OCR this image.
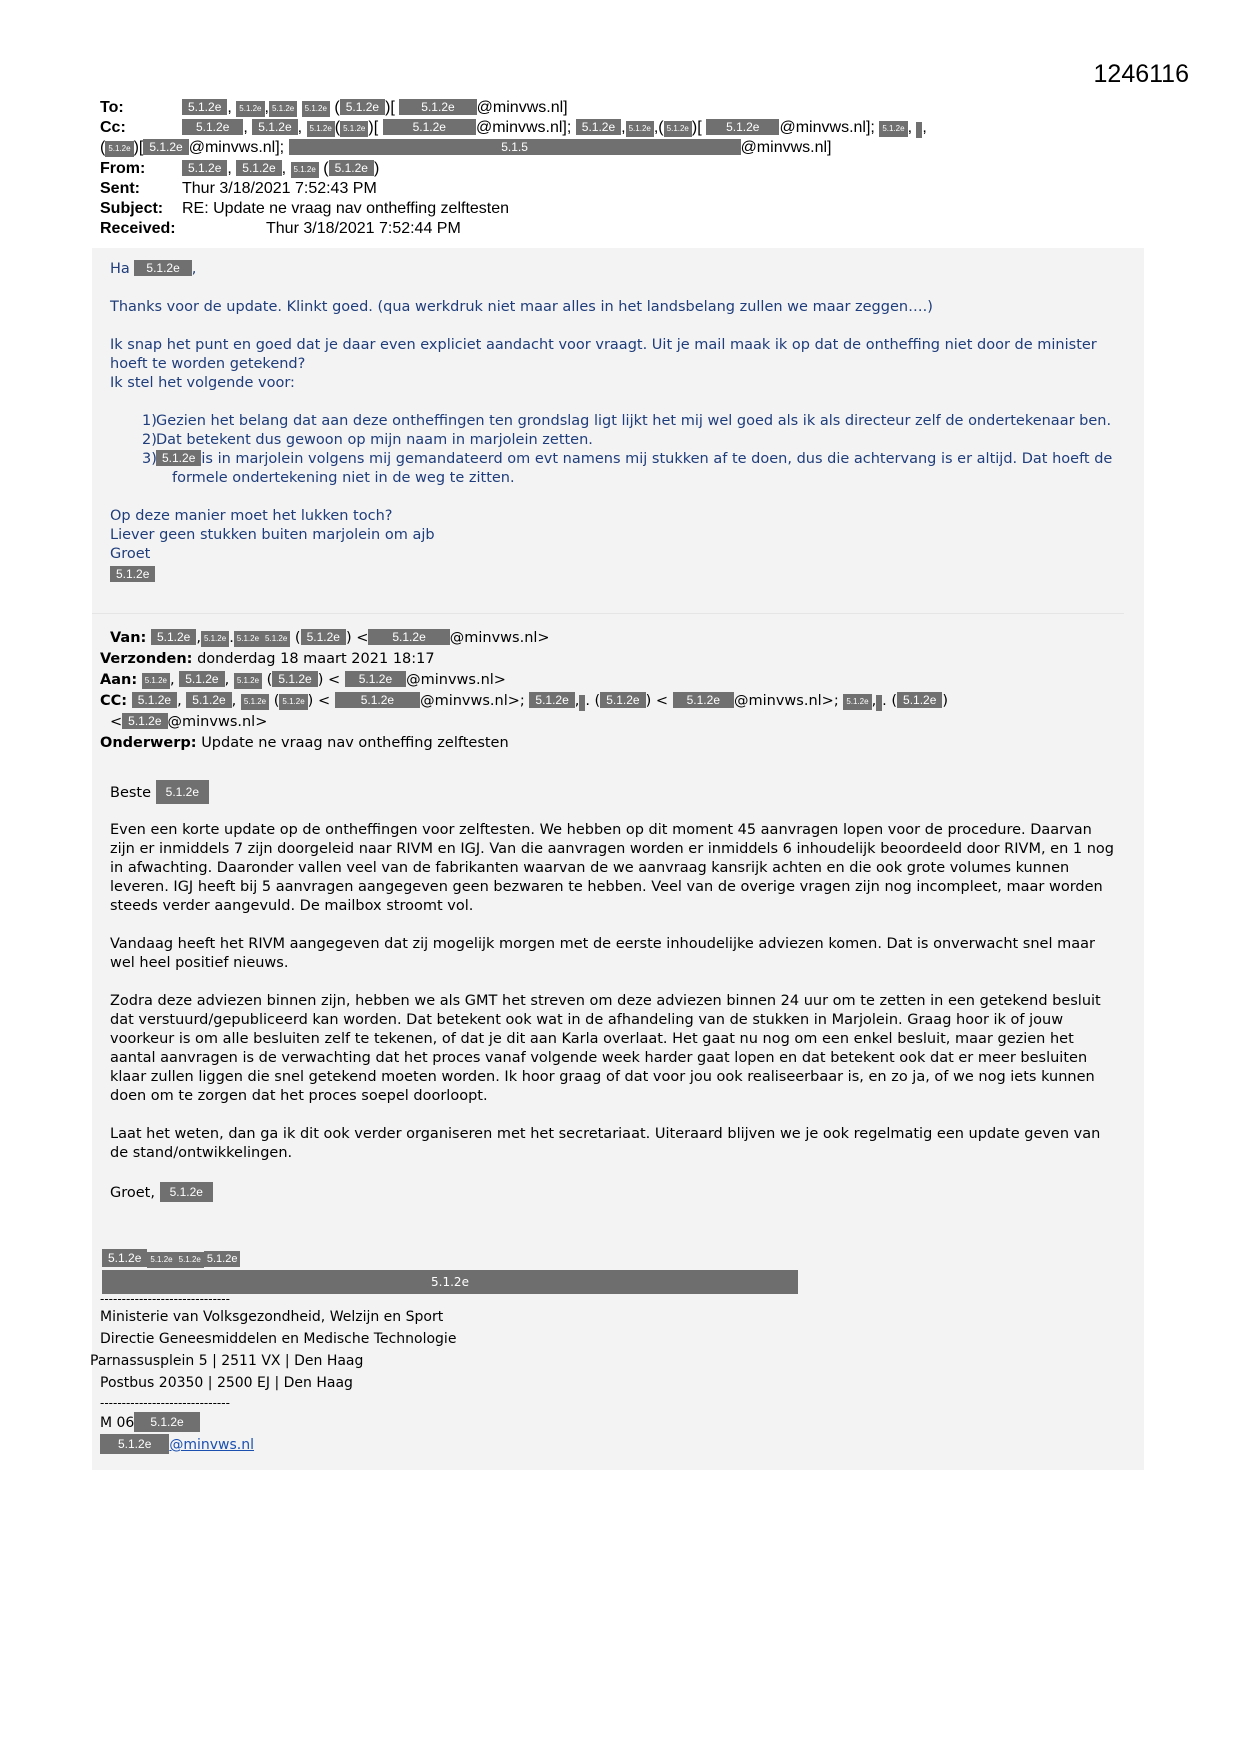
1246116
To:	5.1.2e , 5.1.2e , 5.1.2e 5.1.2e ( 5.1.2e )[ 5.1.2e @minvws.nl]
Cc:	5.1.2e , 5.1.2e , 5.1.2e ( 5.1.2e )[	5.1.2e @minvws.nl]; 5.1.2e , 5.1.2e ,( 5.1.2e )[ 5.1.2e @minvws.nl]; 5.1.2e ,  ,
( 5.1.2e )[ 5.1.2e @minvws.nl];	5.1.5	@minvws.nl]
From:	5.1.2e , 5.1.2e , 5.1.2e ( 5.1.2e )
Sent:	Thur 3/18/2021 7:52:43 PM
Subject: RE: Update ne vraag nav ontheffing zelftesten
Received:	Thur 3/18/2021 7:52:44 PM

Ha 5.1.2e ,

Thanks voor de update. Klinkt goed. (qua werkdruk niet maar alles in het landsbelang zullen we maar zeggen….)

Ik snap het punt en goed dat je daar even expliciet aandacht voor vraagt. Uit je mail maak ik op dat de ontheffing niet door de minister hoeft te worden getekend?

Ik stel het volgende voor:

1) Gezien het belang dat aan deze ontheffingen ten grondslag ligt lijkt het mij wel goed als ik als directeur zelf de ondertekenaar ben.
2) Dat betekent dus gewoon op mijn naam in marjolein zetten.
3) 5.1.2e is in marjolein volgens mij gemandateerd om evt namens mij stukken af te doen, dus die achtervang is er altijd. Dat hoeft de formele ondertekening niet in de weg te zitten.

Op deze manier moet het lukken toch?

Liever geen stukken buiten marjolein om ajb

Groet

5.1.2e

Van: 5.1.2e , 5.1.2e . 5.1.2e 5.1.2e ( 5.1.2e ) < 5.1.2e @minvws.nl>
Verzonden: donderdag 18 maart 2021 18:17
Aan: 5.1.2e , 5.1.2e , 5.1.2e ( 5.1.2e ) < 5.1.2e @minvws.nl>
CC: 5.1.2e , 5.1.2e , 5.1.2e ( 5.1.2e ) < 5.1.2e @minvws.nl>; 5.1.2e , . ( 5.1.2e ) < 5.1.2e @minvws.nl>; 5.1.2e , . ( 5.1.2e )
< 5.1.2e @minvws.nl>
Onderwerp: Update ne vraag nav ontheffing zelftesten

Beste 5.1.2e

Even een korte update op de ontheffingen voor zelftesten. We hebben op dit moment 45 aanvragen lopen voor de procedure. Daarvan zijn er inmiddels 7 zijn doorgeleid naar RIVM en IGJ. Van die aanvragen worden er inmiddels 6 inhoudelijk beoordeeld door RIVM, en 1 nog in afwachting. Daaronder vallen veel van de fabrikanten waarvan de we aanvraag kansrijk achten en die ook grote volumes kunnen leveren. IGJ heeft bij 5 aanvragen aangegeven geen bezwaren te hebben. Veel van de overige vragen zijn nog incompleet, maar worden steeds verder aangevuld. De mailbox stroomt vol.

Vandaag heeft het RIVM aangegeven dat zij mogelijk morgen met de eerste inhoudelijke adviezen komen. Dat is onverwacht snel maar wel heel positief nieuws.

Zodra deze adviezen binnen zijn, hebben we als GMT het streven om deze adviezen binnen 24 uur om te zetten in een getekend besluit dat verstuurd/gepubliceerd kan worden. Dat betekent ook wat in de afhandeling van de stukken in Marjolein. Graag hoor ik of jouw voorkeur is om alle besluiten zelf te tekenen, of dat je dit aan Karla overlaat. Het gaat nu nog om een enkel besluit, maar gezien het aantal aanvragen is de verwachting dat het proces vanaf volgende week harder gaat lopen en dat betekent ook dat er meer besluiten klaar zullen liggen die snel getekend moeten worden. Ik hoor graag of dat voor jou ook realiseerbaar is, en zo ja, of we nog iets kunnen doen om te zorgen dat het proces soepel doorloopt.

Laat het weten, dan ga ik dit ook verder organiseren met het secretariaat. Uiteraard blijven we je ook regelmatig een update geven van de stand/ontwikkelingen.

Groet, 5.1.2e

5.1.2e 5.1.2e 5.1.2e 5.1.2e
5.1.2e
------------------------------
Ministerie van Volksgezondheid, Welzijn en Sport
Directie Geneesmiddelen en Medische Technologie
Parnassusplein 5 | 2511 VX | Den Haag
Postbus 20350 | 2500 EJ | Den Haag
------------------------------
M 06 5.1.2e
5.1.2e @minvws.nl
